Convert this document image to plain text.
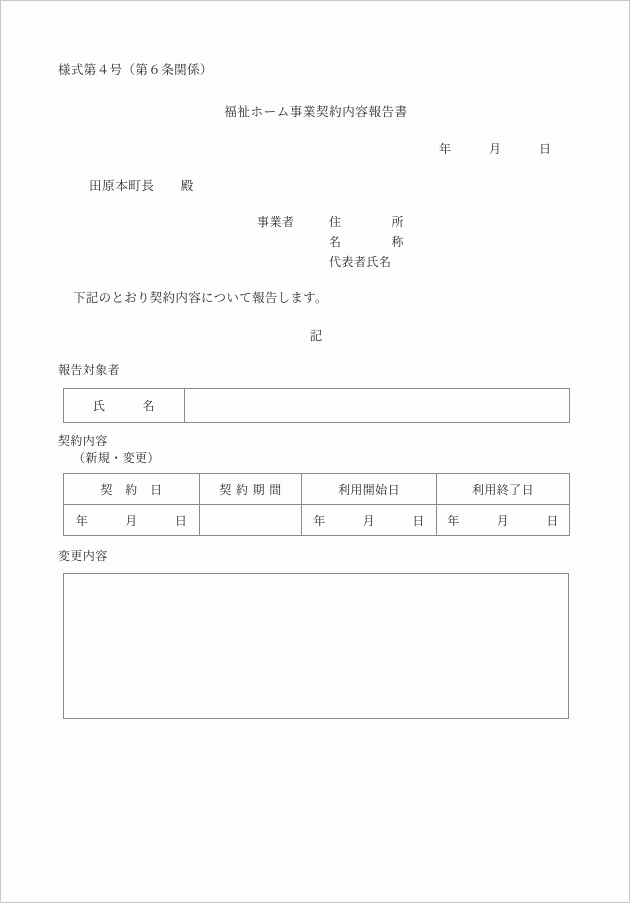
様式第４号（第６条関係）
福祉ホーム事業契約内容報告書
年　　　月　　　日
田原本町長　　殿
事業者	住　　　　所
名　　　　称
代表者氏名
下記のとおり契約内容について報告します。
記
報告対象者
氏　　　名	
契約内容
（新規・変更）
契　約　日	契 約 期 間	利用開始日	利用終了日
年　　　月　　　日		年　　　月　　　日	年　　　月　　　日
変更内容
